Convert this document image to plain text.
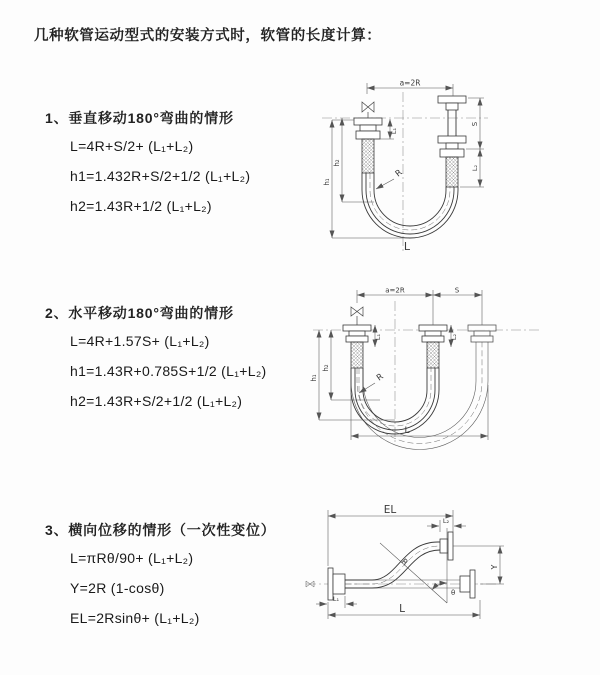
几种软管运动型式的安装方式时，软管的长度计算：
1、垂直移动180°弯曲的情形
L=4R+S/2+ (L₁+L₂)
h1=1.432R+S/2+1/2 (L₁+L₂)
h2=1.43R+1/2 (L₁+L₂)
a=2R
h₁
h₂
L₁
S
L₂
R
L
2、水平移动180°弯曲的情形
L=4R+1.57S+ (L₁+L₂)
h1=1.43R+0.785S+1/2 (L₁+L₂)
h2=1.43R+S/2+1/2 (L₁+L₂)
a=2R	S
L₁	L₂
h₁
h₂
R
L
3、横向位移的情形（一次性变位）
L=πRθ/90+ (L₁+L₂)
Y=2R (1-cosθ)
EL=2Rsinθ+ (L₁+L₂)
EL
L₂
Y
R
θ
L₁
L
